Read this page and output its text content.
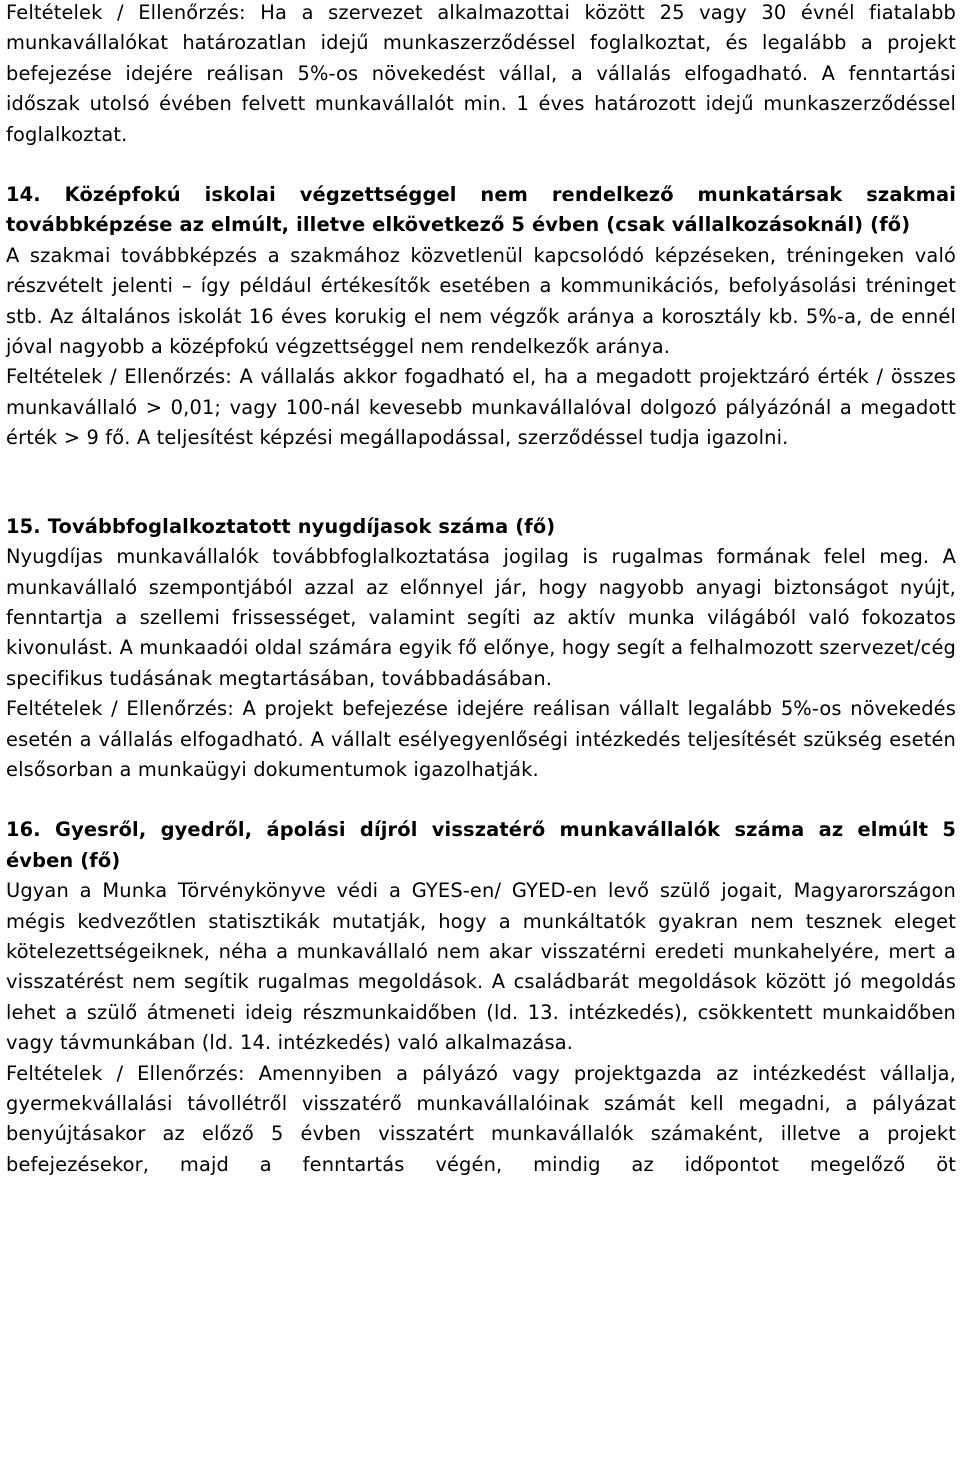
Feltételek / Ellenőrzés: Ha a szervezet alkalmazottai között 25 vagy 30 évnél fiatalabb munkavállalókat határozatlan idejű munkaszerződéssel foglalkoztat, és legalább a projekt befejezése idejére reálisan 5%-os növekedést vállal, a vállalás elfogadható. A fenntartási időszak utolsó évében felvett munkavállalót min. 1 éves határozott idejű munkaszerződéssel foglalkoztat.

14. Középfokú iskolai végzettséggel nem rendelkező munkatársak szakmai továbbképzése az elmúlt, illetve elkövetkező 5 évben (csak vállalkozásoknál) (fő)

A szakmai továbbképzés a szakmához közvetlenül kapcsolódó képzéseken, tréningeken való részvételt jelenti – így például értékesítők esetében a kommunikációs, befolyásolási tréninget stb. Az általános iskolát 16 éves korukig el nem végzők aránya a korosztály kb. 5%-a, de ennél jóval nagyobb a középfokú végzettséggel nem rendelkezők aránya.

Feltételek / Ellenőrzés: A vállalás akkor fogadható el, ha a megadott projektzáró érték / összes munkavállaló > 0,01; vagy 100-nál kevesebb munkavállalóval dolgozó pályázónál a megadott érték > 9 fő. A teljesítést képzési megállapodással, szerződéssel tudja igazolni.

15. Továbbfoglalkoztatott nyugdíjasok száma (fő)

Nyugdíjas munkavállalók továbbfoglalkoztatása jogilag is rugalmas formának felel meg. A munkavállaló szempontjából azzal az előnnyel jár, hogy nagyobb anyagi biztonságot nyújt, fenntartja a szellemi frissességet, valamint segíti az aktív munka világából való fokozatos kivonulást. A munkaadói oldal számára egyik fő előnye, hogy segít a felhalmozott szervezet/cég specifikus tudásának megtartásában, továbbadásában.

Feltételek / Ellenőrzés: A projekt befejezése idejére reálisan vállalt legalább 5%-os növekedés esetén a vállalás elfogadható. A vállalt esélyegyenlőségi intézkedés teljesítését szükség esetén elsősorban a munkaügyi dokumentumok igazolhatják.

16. Gyesről, gyedről, ápolási díjról visszatérő munkavállalók száma az elmúlt 5 évben (fő)

Ugyan a Munka Törvénykönyve védi a GYES-en/ GYED-en levő szülő jogait, Magyarországon mégis kedvezőtlen statisztikák mutatják, hogy a munkáltatók gyakran nem tesznek eleget kötelezettségeiknek, néha a munkavállaló nem akar visszatérni eredeti munkahelyére, mert a visszatérést nem segítik rugalmas megoldások. A családbarát megoldások között jó megoldás lehet a szülő átmeneti ideig részmunkaidőben (ld. 13. intézkedés), csökkentett munkaidőben vagy távmunkában (ld. 14. intézkedés) való alkalmazása.

Feltételek / Ellenőrzés: Amennyiben a pályázó vagy projektgazda az intézkedést vállalja, gyermekvállalási távollétről visszatérő munkavállalóinak számát kell megadni, a pályázat benyújtásakor az előző 5 évben visszatért munkavállalók számaként, illetve a projekt befejezésekor, majd a fenntartás végén, mindig az időpontot megelőző öt
